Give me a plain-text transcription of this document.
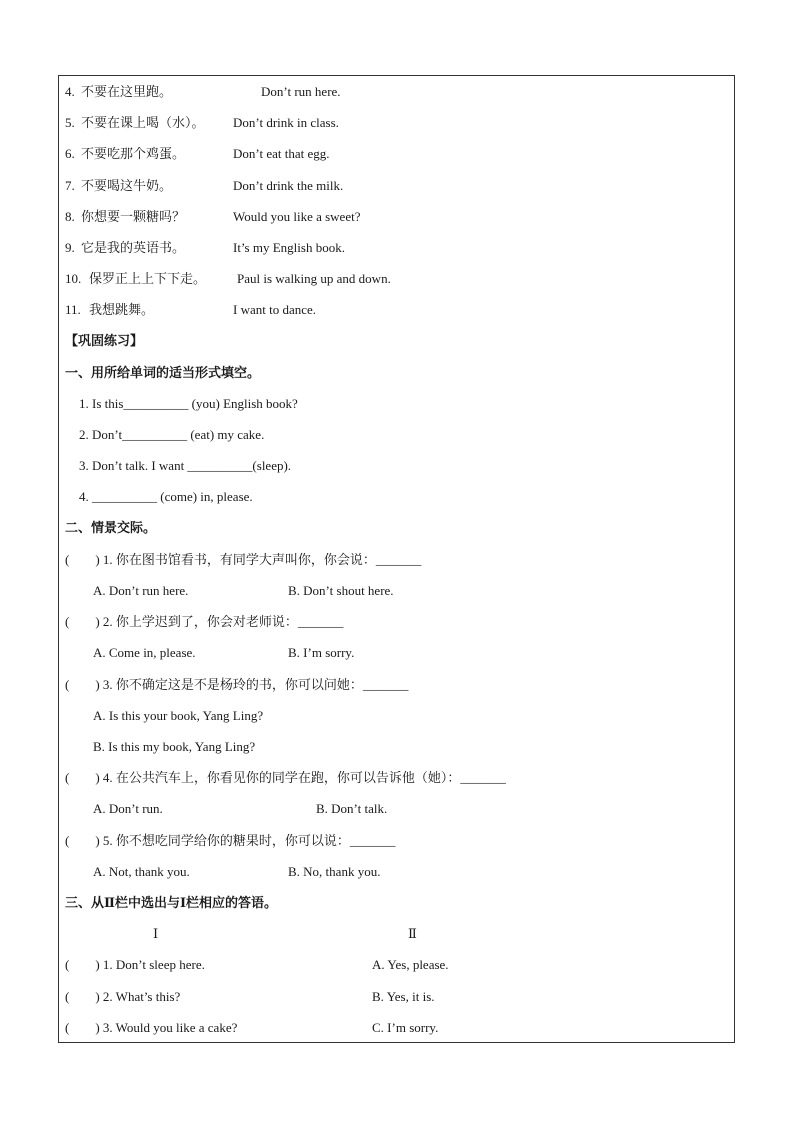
4. 不要在这里跑。	Don’t run here.
5. 不要在课上喝（水）。 Don’t drink in class.
6. 不要吃那个鸡蛋。	Don’t eat that egg.
7. 不要喝这牛奶。	Don’t drink the milk.
8. 你想要一颗糖吗？	Would you like a sweet?
9. 它是我的英语书。	It’s my English book.
10. 保罗正上上下下走。 Paul is walking up and down.
11. 我想跳舞。	I want to dance.
【巩固练习】
一、用所给单词的适当形式填空。
1. Is this__________ (you) English book?
2. Don’t__________ (eat) my cake.
3. Don’t talk. I want __________(sleep).
4. __________ (come) in, please.
二、情景交际。
(　　) 1. 你在图书馆看书，有同学大声叫你，你会说：_______
A. Don’t run here.	B. Don’t shout here.
(　　) 2. 你上学迟到了，你会对老师说：_______
A. Come in, please.	B. I’m sorry.
(　　) 3. 你不确定这是不是杨玲的书，你可以问她：_______
A. Is this your book, Yang Ling?
B. Is this my book, Yang Ling?
(　　) 4. 在公共汽车上，你看见你的同学在跑，你可以告诉他（她）：_______
A. Don’t run.	B. Don’t talk.
(　　) 5. 你不想吃同学给你的糖果时，你可以说：_______
A. Not, thank you.	B. No, thank you.
三、从Ⅱ栏中选出与Ⅰ栏相应的答语。
Ⅰ	Ⅱ
(　　) 1. Don’t sleep here.	A. Yes, please.
(　　) 2. What’s this?	B. Yes, it is.
(　　) 3. Would you like a cake?	C. I’m sorry.
